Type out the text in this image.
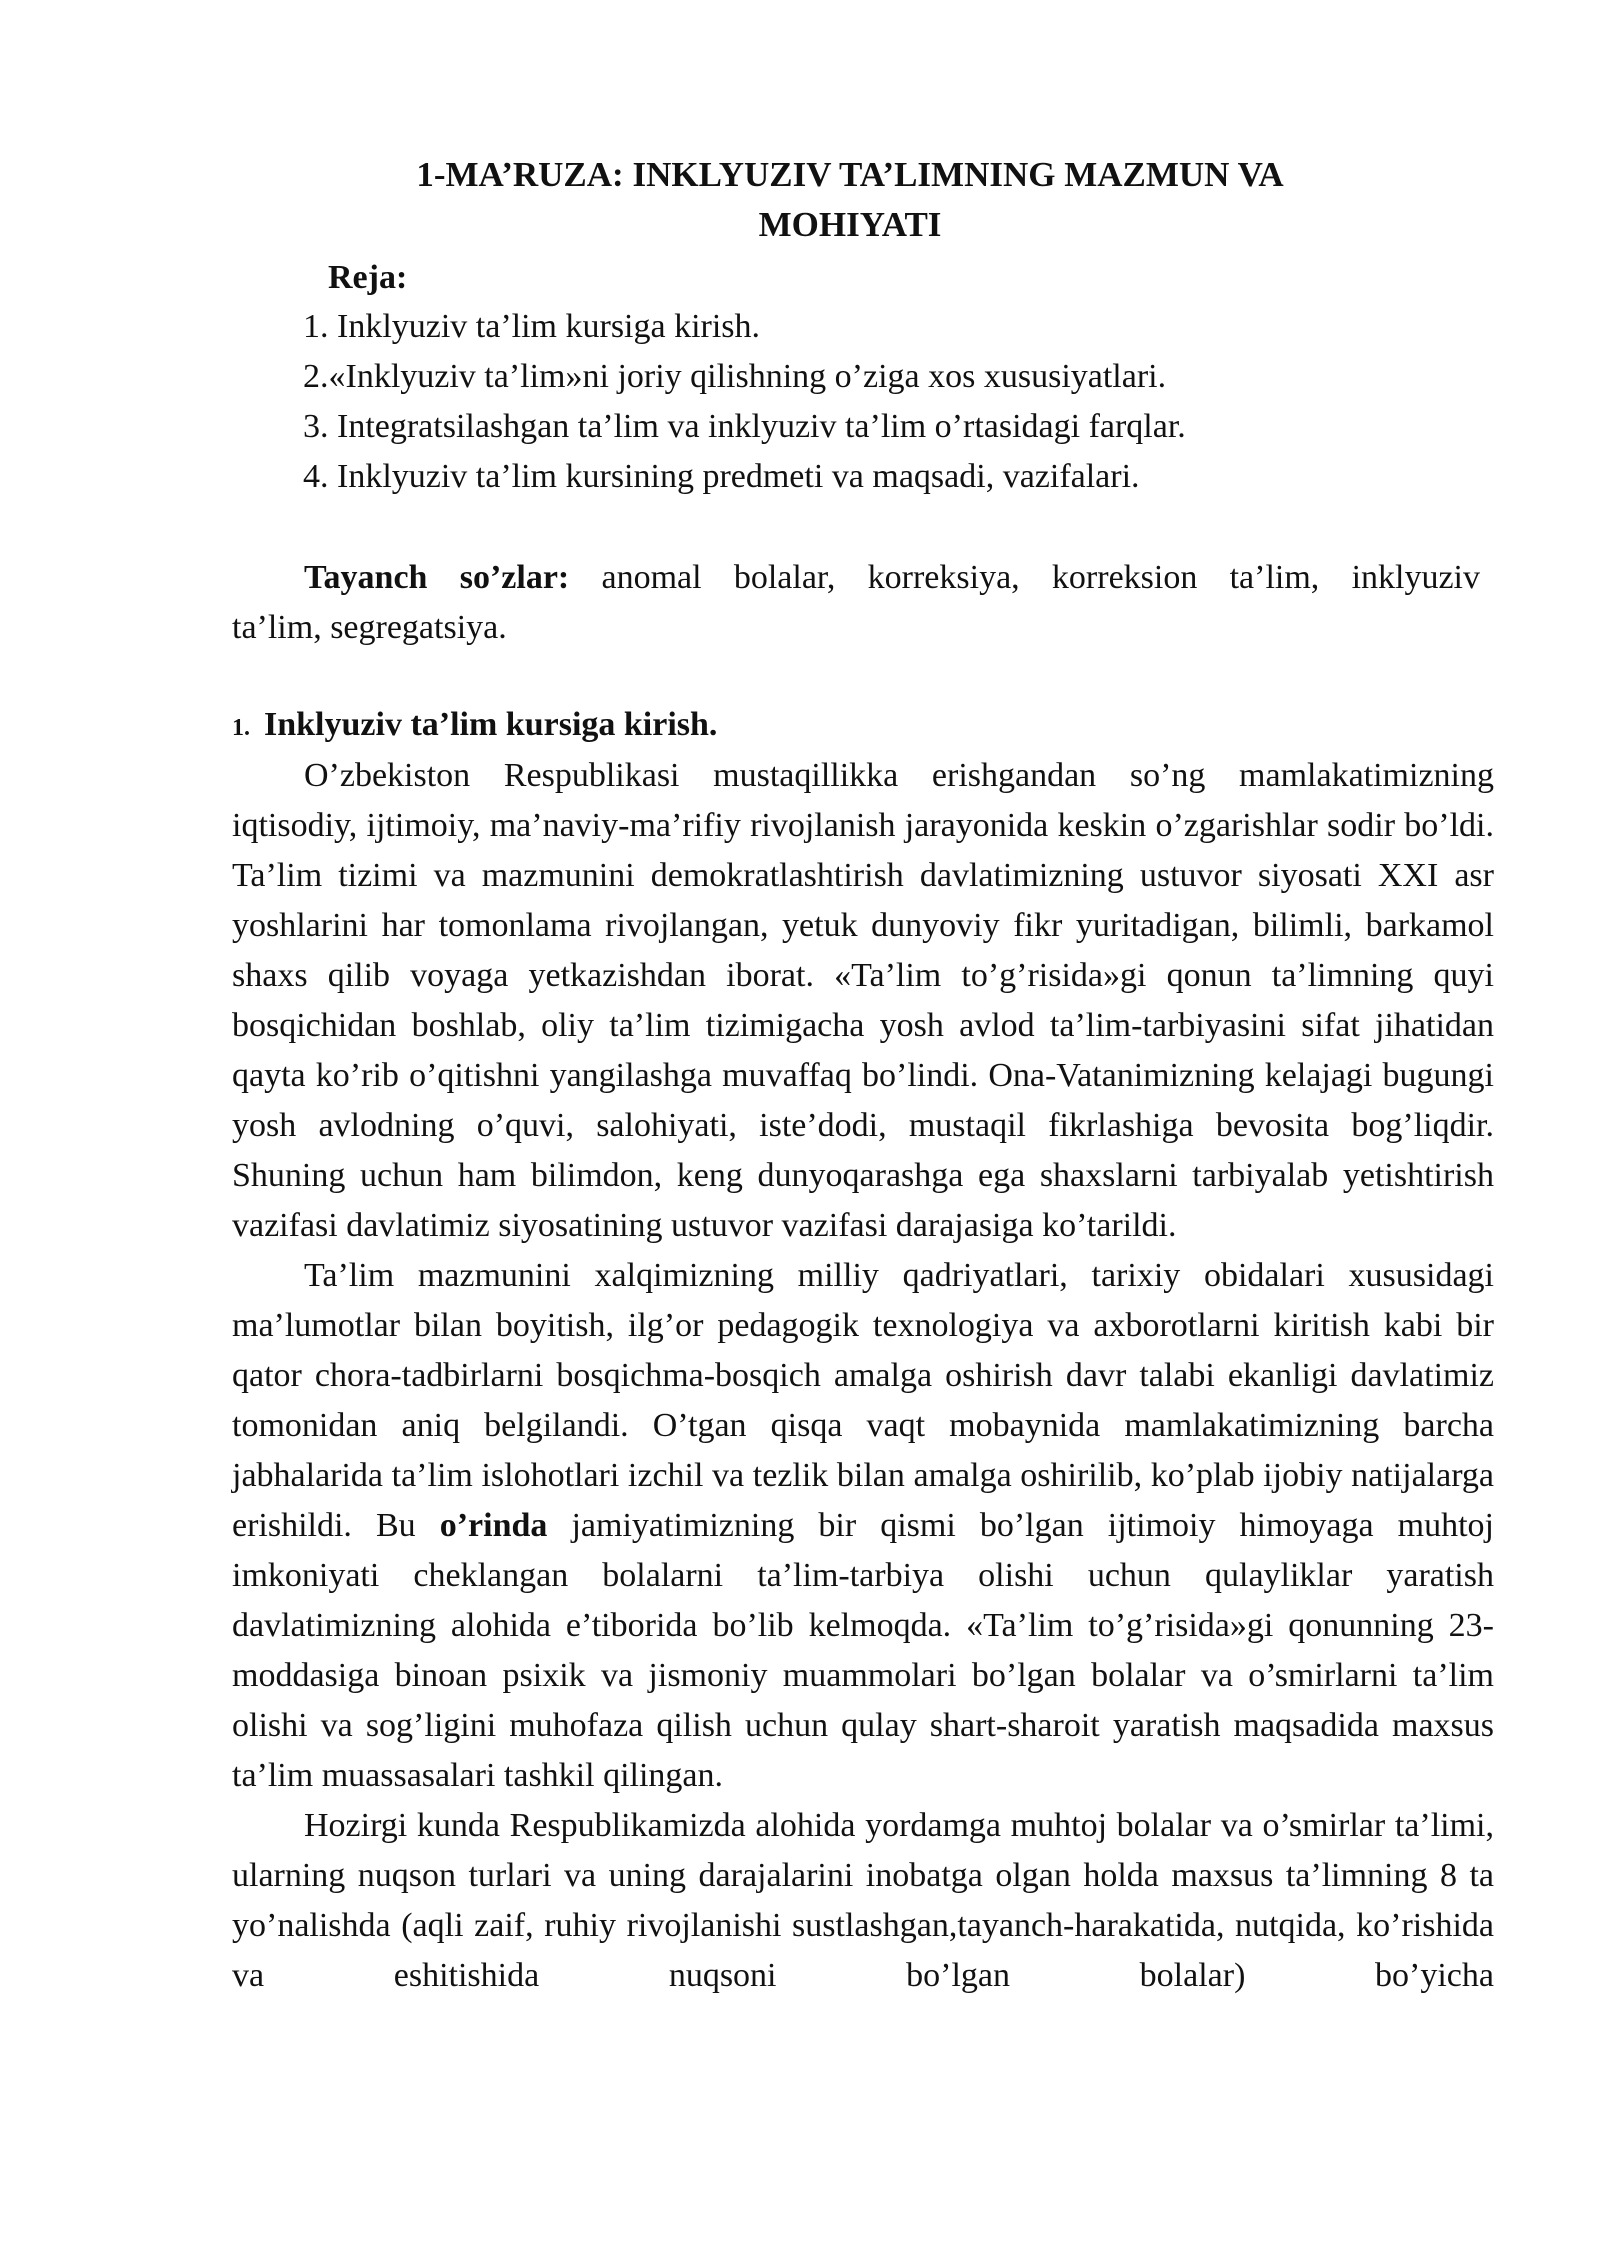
1-MA’RUZA: INKLYUZIV TA’LIMNING MAZMUN VA
MOHIYATI
Reja:
1. Inklyuziv ta’lim kursiga kirish.
2.«Inklyuziv ta’lim»ni joriy qilishning o’ziga xos xususiyatlari.
3. Integratsilashgan ta’lim va inklyuziv ta’lim o’rtasidagi farqlar.
4. Inklyuziv ta’lim kursining predmeti va maqsadi, vazifalari.

Tayanch so’zlar: anomal bolalar, korreksiya, korreksion ta’lim, inklyuziv
ta’lim, segregatsiya.

1. Inklyuziv ta’lim kursiga kirish.

O’zbekiston Respublikasi mustaqillikka erishgandan so’ng mamlakatimizning iqtisodiy, ijtimoiy, ma’naviy-ma’rifiy rivojlanish jarayonida keskin o’zgarishlar sodir bo’ldi. Ta’lim tizimi va mazmunini demokratlashtirish davlatimizning ustuvor siyosati XXI asr yoshlarini har tomonlama rivojlangan, yetuk dunyoviy fikr yuritadigan, bilimli, barkamol shaxs qilib voyaga yetkazishdan iborat. «Ta’lim to’g’risida»gi qonun ta’limning quyi bosqichidan boshlab, oliy ta’lim tizimigacha yosh avlod ta’lim-tarbiyasini sifat jihatidan qayta ko’rib o’qitishni yangilashga muvaffaq bo’lindi. Ona-Vatanimizning kelajagi bugungi yosh avlodning o’quvi, salohiyati, iste’dodi, mustaqil fikrlashiga bevosita bog’liqdir. Shuning uchun ham bilimdon, keng dunyoqarashga ega shaxslarni tarbiyalab yetishtirish vazifasi davlatimiz siyosatining ustuvor vazifasi darajasiga ko’tarildi.

Ta’lim mazmunini xalqimizning milliy qadriyatlari, tarixiy obidalari xususidagi ma’lumotlar bilan boyitish, ilg’or pedagogik texnologiya va axborotlarni kiritish kabi bir qator chora-tadbirlarni bosqichma-bosqich amalga oshirish davr talabi ekanligi davlatimiz tomonidan aniq belgilandi. O’tgan qisqa vaqt mobaynida mamlakatimizning barcha jabhalarida ta’lim islohotlari izchil va tezlik bilan amalga oshirilib, ko’plab ijobiy natijalarga erishildi. Bu o’rinda jamiyatimizning bir qismi bo’lgan ijtimoiy himoyaga muhtoj imkoniyati cheklangan bolalarni ta’lim-tarbiya olishi uchun qulayliklar yaratish davlatimizning alohida e’tiborida bo’lib kelmoqda. «Ta’lim to’g’risida»gi qonunning 23-moddasiga binoan psixik va jismoniy muammolari bo’lgan bolalar va o’smirlarni ta’lim olishi va sog’ligini muhofaza qilish uchun qulay shart-sharoit yaratish maqsadida maxsus ta’lim muassasalari tashkil qilingan.

Hozirgi kunda Respublikamizda alohida yordamga muhtoj bolalar va o’smirlar ta’limi, ularning nuqson turlari va uning darajalarini inobatga olgan holda maxsus ta’limning 8 ta yo’nalishda (aqli zaif, ruhiy rivojlanishi sustlashgan,tayanch-harakatida, nutqida, ko’rishida va eshitishida nuqsoni bo’lgan bolalar) bo’yicha
